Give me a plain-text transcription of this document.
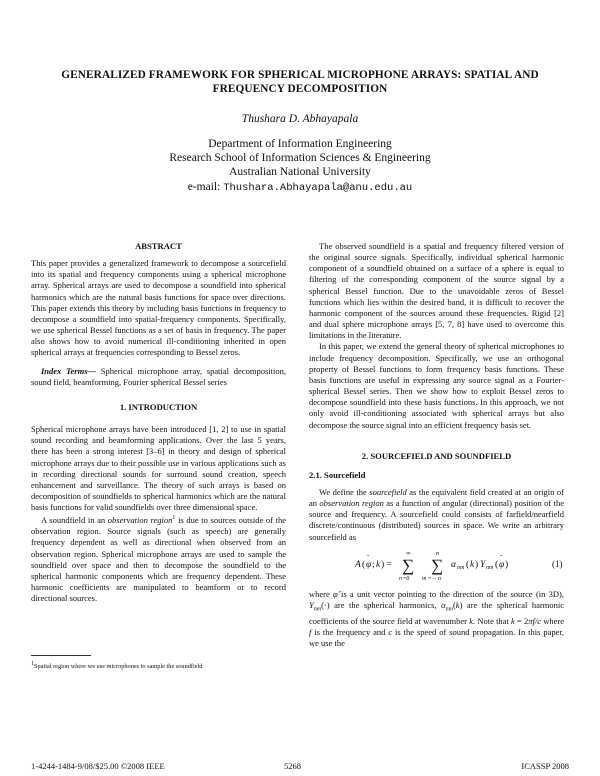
GENERALIZED FRAMEWORK FOR SPHERICAL MICROPHONE ARRAYS: SPATIAL AND FREQUENCY DECOMPOSITION
Thushara D. Abhayapala
Department of Information Engineering
Research School of Information Sciences & Engineering
Australian National University
e-mail: Thushara.Abhayapala@anu.edu.au
ABSTRACT

This paper provides a generalized framework to decompose a sourcefield into its spatial and frequency components using a spherical microphone array. Spherical arrays are used to decompose a soundfield into spherical harmonics which are the natural basis functions for space over directions. This paper extends this theory by including basis functions in frequency to decompose a soundfield into spatial-frequency components. Specifically, we use spherical Bessel functions as a set of basis in frequency. The paper also shows how to avoid numerical ill-conditioning inherited in open spherical arrays at frequencies corresponding to Bessel zeros.

Index Terms— Spherical microphone array, spatial decomposition, sound field, beamforming, Fourier spherical Bessel series

1. INTRODUCTION

Spherical microphone arrays have been introduced [1, 2] to use in spatial sound recording and beamforming applications. Over the last 5 years, there has been a strong interest [3–6] in theory and design of spherical microphone arrays due to their possible use in various applications such as in recording directional sounds for surround sound creation, speech enhancement and surveillance. The theory of such arrays is based on decomposition of soundfields to spherical harmonics which are the natural basis functions for valid soundfields over three dimensional space.

A soundfield in an observation region$^1$ is due to sources outside of the observation region. Source signals (such as speech) are generally frequency dependent as well as directional when observed from an observation region. Spherical microphone arrays are used to sample the soundfield over space and then to decompose the soundfield to the spherical harmonic components which are frequency dependent. These harmonic coefficients are manipulated to beamform or to record directional sources.

The observed soundfield is a spatial and frequency filtered version of the original source signals. Specifically, individual spherical harmonic component of a soundfield obtained on a surface of a sphere is equal to filtering of the corresponding component of the source signal by a spherical Bessel function. Due to the unavoidable zeros of Bessel functions which lies within the desired band, it is difficult to recover the harmonic component of the sources around these frequencies. Rigid [2] and dual sphere microphone arrays [5, 7, 8] have used to overcome this limitations in the literature.

In this paper, we extend the general theory of spherical microphones to include frequency decomposition. Specifically, we use an orthogonal property of Bessel functions to form frequency basis functions. These basis functions are useful in expressing any source signal as a Fourier-spherical Bessel series. Then we show how to exploit Bessel zeros to decompose soundfield into these basis functions. In this approach, we not only avoid ill-conditioning associated with spherical arrays but also decompose the source signal into an efficient frequency basis set.

2. SOURCEFIELD AND SOUNDFIELD
2.1. Sourcefield

We define the sourcefield as the equivalent field created at an origin of an observation region as a function of angular (directional) position of the source and frequency. A sourcefield could consists of farfield/nearfield discrete/continuous (distributed) sources in space. We write an arbitrary sourcefield as

A ( φ
ˆ
; k ) =
∞
∑
n =0
n
∑
m = − n
α nm ( k ) Y nm ( φ
ˆ
)	(1)

where φ̂ is a unit vector pointing to the direction of the source (in 3D), $Y_{nm}(\cdot)$ are the spherical harmonics, $\alpha_{nm}(k)$ are the spherical harmonic coefficients of the source field at wavenumber k. Note that k = 2πf/c where f is the frequency and c is the speed of sound propagation. In this paper, we use the

$^1$Spatial region where we use microphones to sample the soundfield
1-4244-1484-9/08/$25.00 ©2008 IEEE	5268	ICASSP 2008
